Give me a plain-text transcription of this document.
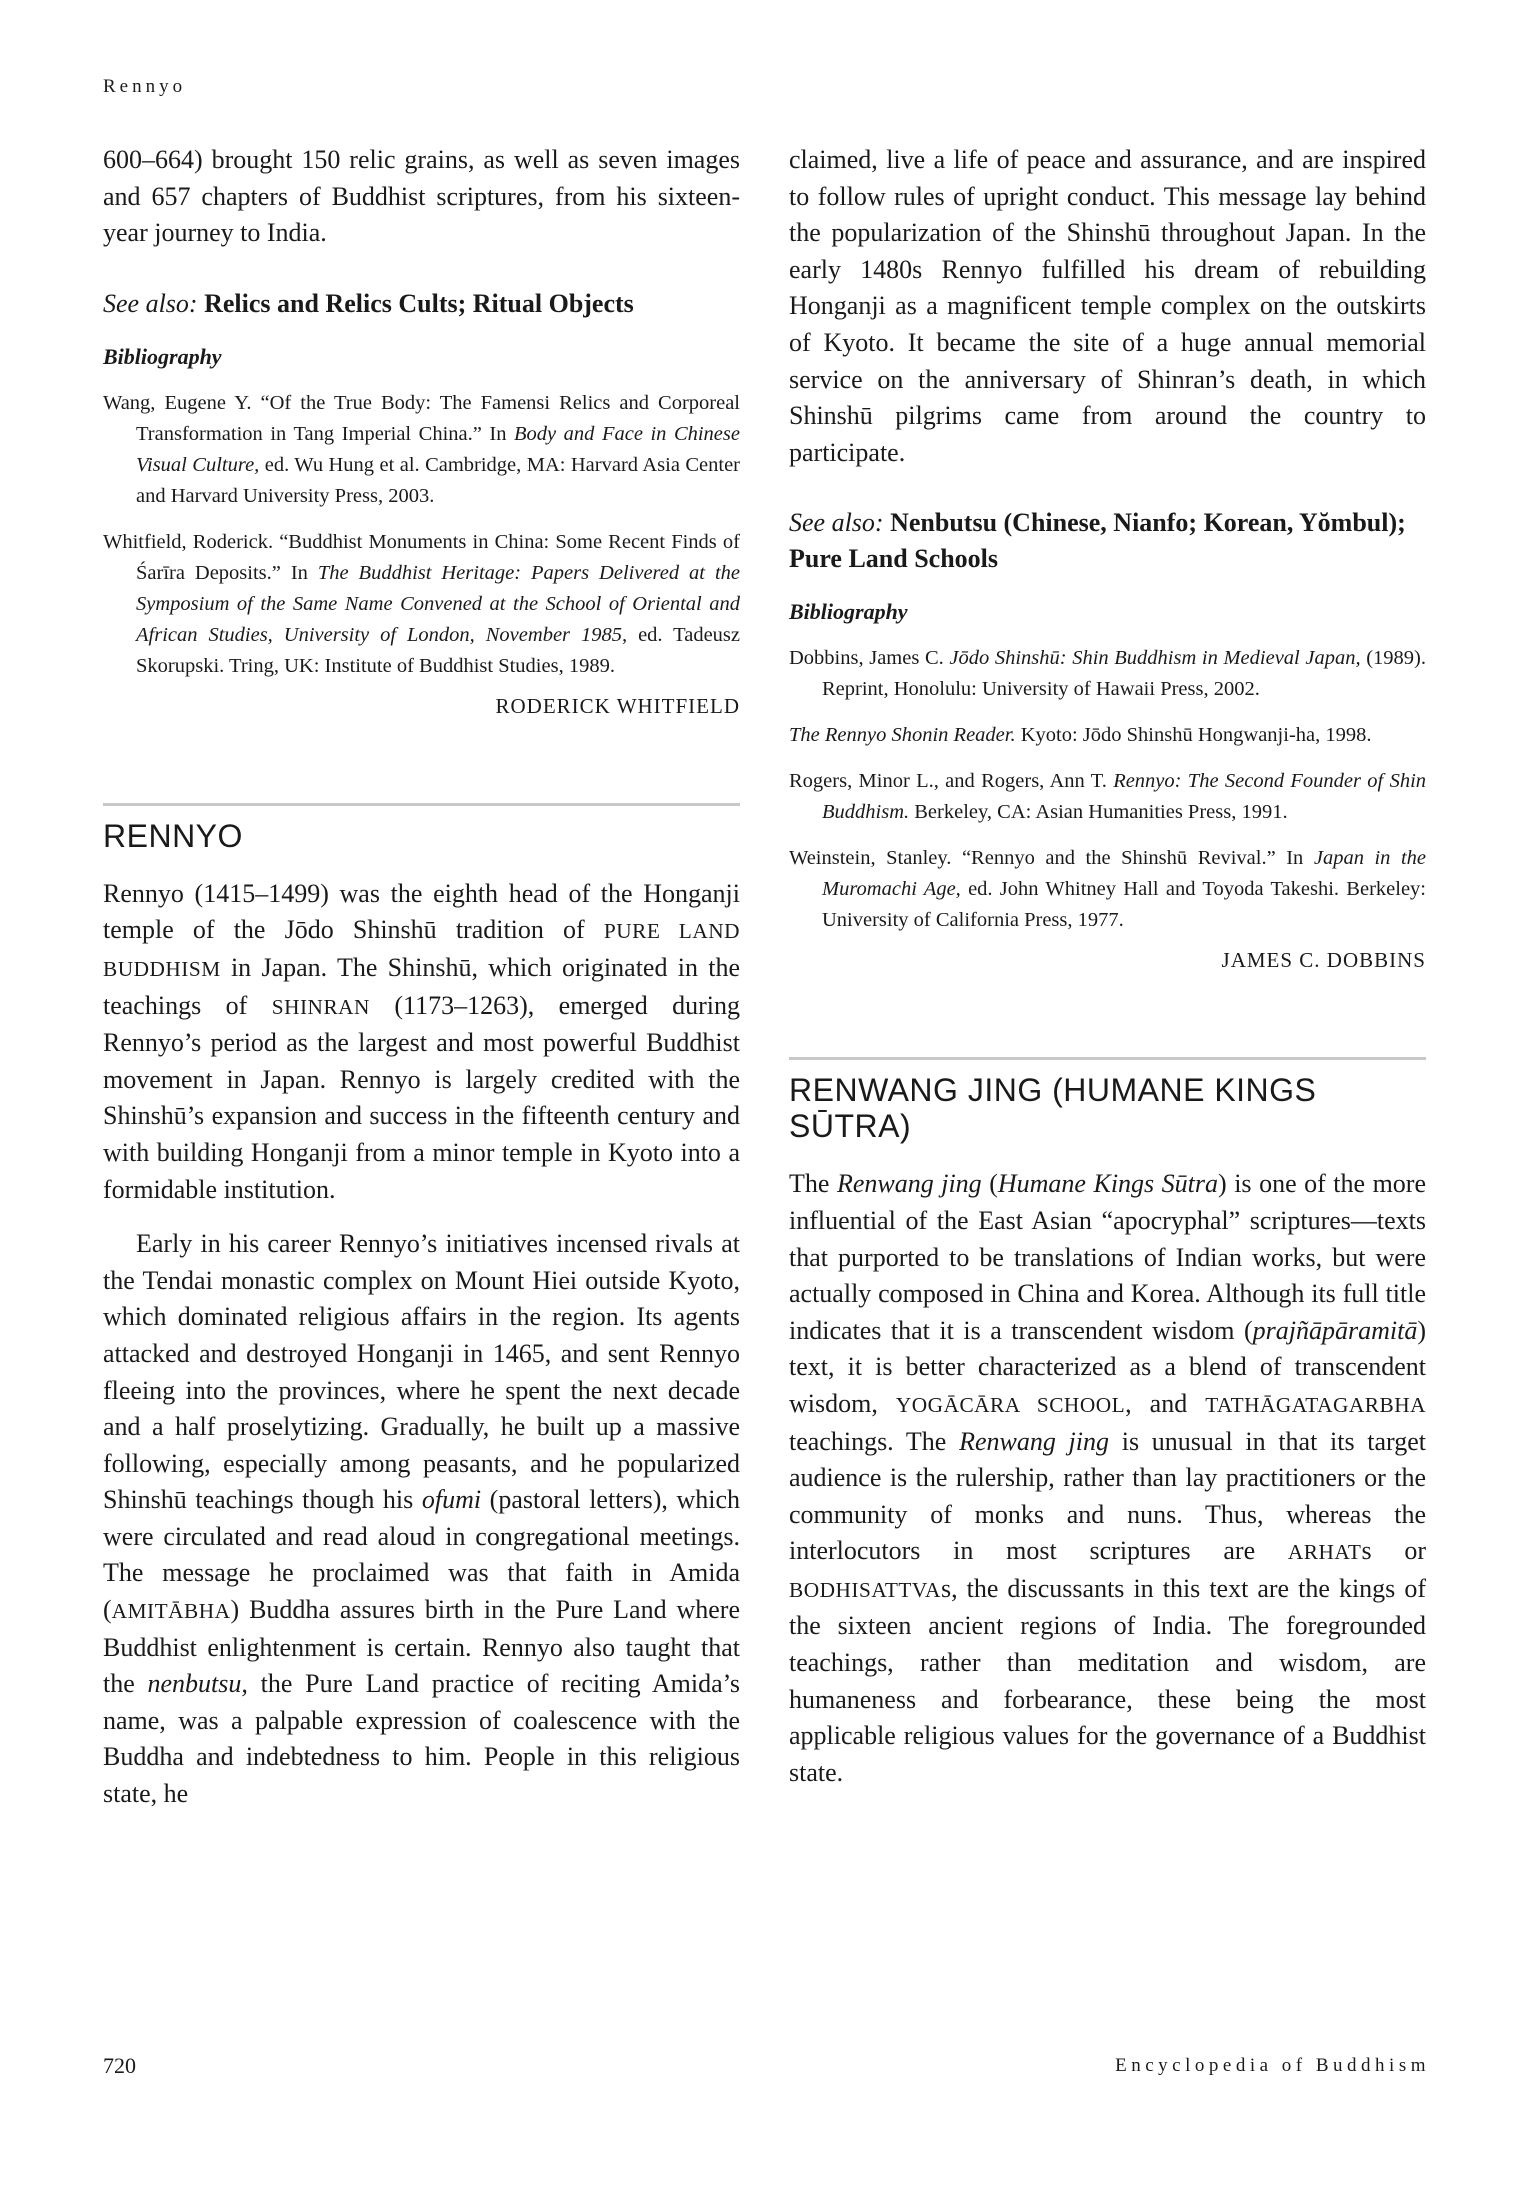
Rennyo

600–664) brought 150 relic grains, as well as seven images and 657 chapters of Buddhist scriptures, from his sixteen-year journey to India.

See also: Relics and Relics Cults; Ritual Objects

Bibliography

Wang, Eugene Y. “Of the True Body: The Famensi Relics and Corporeal Transformation in Tang Imperial China.” In Body and Face in Chinese Visual Culture, ed. Wu Hung et al. Cambridge, MA: Harvard Asia Center and Harvard University Press, 2003.

Whitfield, Roderick. “Buddhist Monuments in China: Some Recent Finds of Śarīra Deposits.” In The Buddhist Heritage: Papers Delivered at the Symposium of the Same Name Convened at the School of Oriental and African Studies, University of London, November 1985, ed. Tadeusz Skorupski. Tring, UK: Institute of Buddhist Studies, 1989.

RODERICK WHITFIELD

RENNYO

Rennyo (1415–1499) was the eighth head of the Honganji temple of the Jōdo Shinshū tradition of PURE LAND BUDDHISM in Japan. The Shinshū, which originated in the teachings of SHINRAN (1173–1263), emerged during Rennyo’s period as the largest and most powerful Buddhist movement in Japan. Rennyo is largely credited with the Shinshū’s expansion and success in the fifteenth century and with building Honganji from a minor temple in Kyoto into a formidable institution.

Early in his career Rennyo’s initiatives incensed rivals at the Tendai monastic complex on Mount Hiei outside Kyoto, which dominated religious affairs in the region. Its agents attacked and destroyed Honganji in 1465, and sent Rennyo fleeing into the provinces, where he spent the next decade and a half proselytizing. Gradually, he built up a massive following, especially among peasants, and he popularized Shinshū teachings though his ofumi (pastoral letters), which were circulated and read aloud in congregational meetings. The message he proclaimed was that faith in Amida (AMITĀBHA) Buddha assures birth in the Pure Land where Buddhist enlightenment is certain. Rennyo also taught that the nenbutsu, the Pure Land practice of reciting Amida’s name, was a palpable expression of coalescence with the Buddha and indebtedness to him. People in this religious state, he

claimed, live a life of peace and assurance, and are inspired to follow rules of upright conduct. This message lay behind the popularization of the Shinshū throughout Japan. In the early 1480s Rennyo fulfilled his dream of rebuilding Honganji as a magnificent temple complex on the outskirts of Kyoto. It became the site of a huge annual memorial service on the anniversary of Shinran’s death, in which Shinshū pilgrims came from around the country to participate.

See also: Nenbutsu (Chinese, Nianfo; Korean, Yŏmbul); Pure Land Schools

Bibliography

Dobbins, James C. Jōdo Shinshū: Shin Buddhism in Medieval Japan, (1989). Reprint, Honolulu: University of Hawaii Press, 2002.

The Rennyo Shonin Reader. Kyoto: Jōdo Shinshū Hongwanji-ha, 1998.

Rogers, Minor L., and Rogers, Ann T. Rennyo: The Second Founder of Shin Buddhism. Berkeley, CA: Asian Humanities Press, 1991.

Weinstein, Stanley. “Rennyo and the Shinshū Revival.” In Japan in the Muromachi Age, ed. John Whitney Hall and Toyoda Takeshi. Berkeley: University of California Press, 1977.

JAMES C. DOBBINS

RENWANG JING (HUMANE KINGS SŪTRA)

The Renwang jing (Humane Kings Sūtra) is one of the more influential of the East Asian “apocryphal” scriptures—texts that purported to be translations of Indian works, but were actually composed in China and Korea. Although its full title indicates that it is a transcendent wisdom (prajñāpāramitā) text, it is better characterized as a blend of transcendent wisdom, YOGĀCĀRA SCHOOL, and TATHĀGATAGARBHA teachings. The Renwang jing is unusual in that its target audience is the rulership, rather than lay practitioners or the community of monks and nuns. Thus, whereas the interlocutors in most scriptures are ARHATs or BODHISATTVAs, the discussants in this text are the kings of the sixteen ancient regions of India. The foregrounded teachings, rather than meditation and wisdom, are humaneness and forbearance, these being the most applicable religious values for the governance of a Buddhist state.

720	Encyclopedia of Buddhism
